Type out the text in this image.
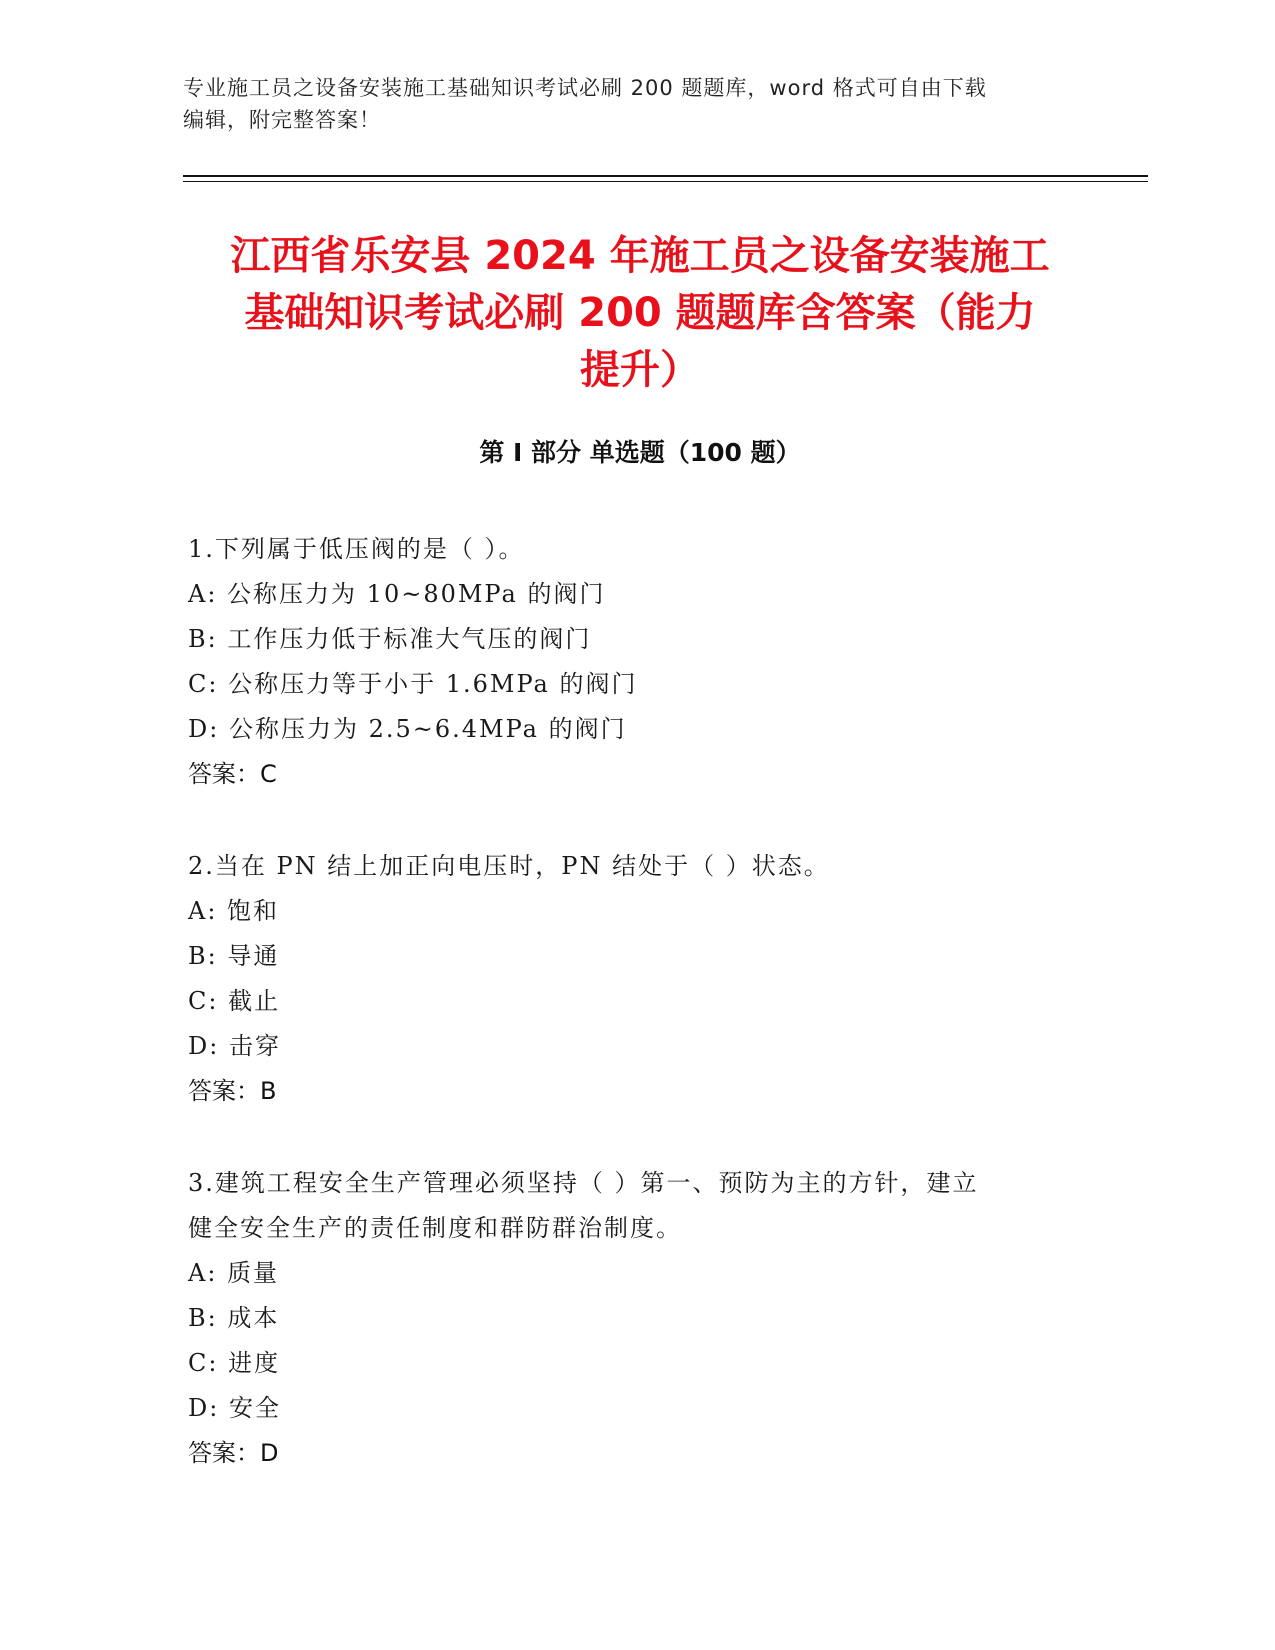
专业施工员之设备安装施工基础知识考试必刷 200 题题库，word 格式可自由下载
编辑，附完整答案！
江西省乐安县 2024 年施工员之设备安装施工
基础知识考试必刷 200 题题库含答案（能力
提升）
第 I 部分 单选题（100 题）
1.下列属于低压阀的是（ ）。
A: 公称压力为 10~80MPa 的阀门
B: 工作压力低于标准大气压的阀门
C: 公称压力等于小于 1.6MPa 的阀门
D: 公称压力为 2.5~6.4MPa 的阀门
答案：C
2.当在 PN 结上加正向电压时，PN 结处于（ ）状态。
A: 饱和
B: 导通
C: 截止
D: 击穿
答案：B
3.建筑工程安全生产管理必须坚持（ ）第一、预防为主的方针，建立
健全安全生产的责任制度和群防群治制度。
A: 质量
B: 成本
C: 进度
D: 安全
答案：D
